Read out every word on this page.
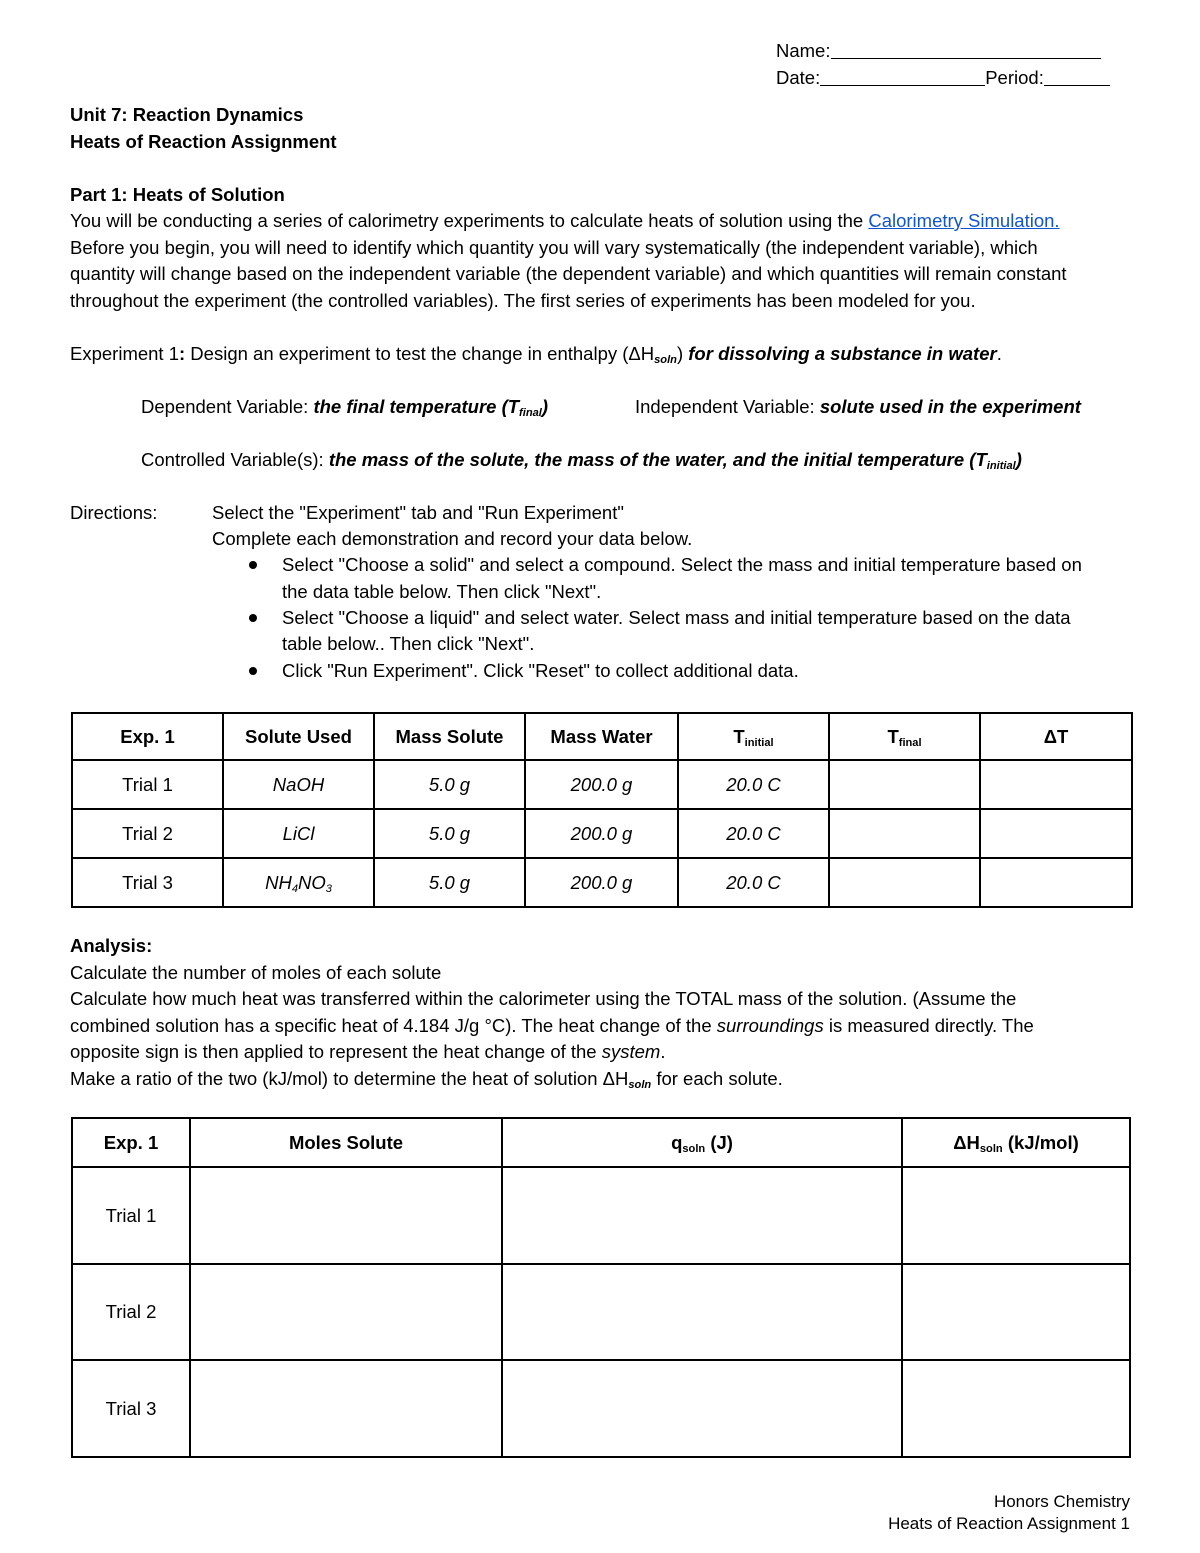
Name:
Date:	Period:
Unit 7: Reaction Dynamics
Heats of Reaction Assignment
Part 1: Heats of Solution
You will be conducting a series of calorimetry experiments to calculate heats of solution using the Calorimetry Simulation.
Before you begin, you will need to identify which quantity you will vary systematically (the independent variable), which
quantity will change based on the independent variable (the dependent variable) and which quantities will remain constant
throughout the experiment (the controlled variables). The first series of experiments has been modeled for you.
Experiment 1: Design an experiment to test the change in enthalpy $(\Delta H_{soln})$ for dissolving a substance in water.
Dependent Variable: the final temperature $(T_{final})$	Independent Variable: solute used in the experiment
Controlled Variable(s): the mass of the solute, the mass of the water, and the initial temperature $(T_{initial})$
Directions:	Select the "Experiment" tab and "Run Experiment"
Complete each demonstration and record your data below.
Select "Choose a solid" and select a compound. Select the mass and initial temperature based on
the data table below. Then click "Next".
Select "Choose a liquid" and select water. Select mass and initial temperature based on the data
table below.. Then click "Next".
Click "Run Experiment". Click "Reset" to collect additional data.
Exp. 1	Solute Used	Mass Solute	Mass Water	$T_{initial}$	$T_{final}$	ΔT
Trial 1	NaOH	5.0 g	200.0 g	20.0 C		
Trial 2	LiCl	5.0 g	200.0 g	20.0 C		
Trial 3	$NH_4NO_3$	5.0 g	200.0 g	20.0 C		
Analysis:
Calculate the number of moles of each solute
Calculate how much heat was transferred within the calorimeter using the TOTAL mass of the solution. (Assume the
combined solution has a specific heat of 4.184 J/g °C). The heat change of the surroundings is measured directly. The
opposite sign is then applied to represent the heat change of the system.
Make a ratio of the two (kJ/mol) to determine the heat of solution $\Delta H_{soln}$ for each solute.
Exp. 1	Moles Solute	$q_{soln}$ (J)	$\Delta H_{soln}$ (kJ/mol)
Trial 1			
Trial 2			
Trial 3			
Honors Chemistry
Heats of Reaction Assignment 1
